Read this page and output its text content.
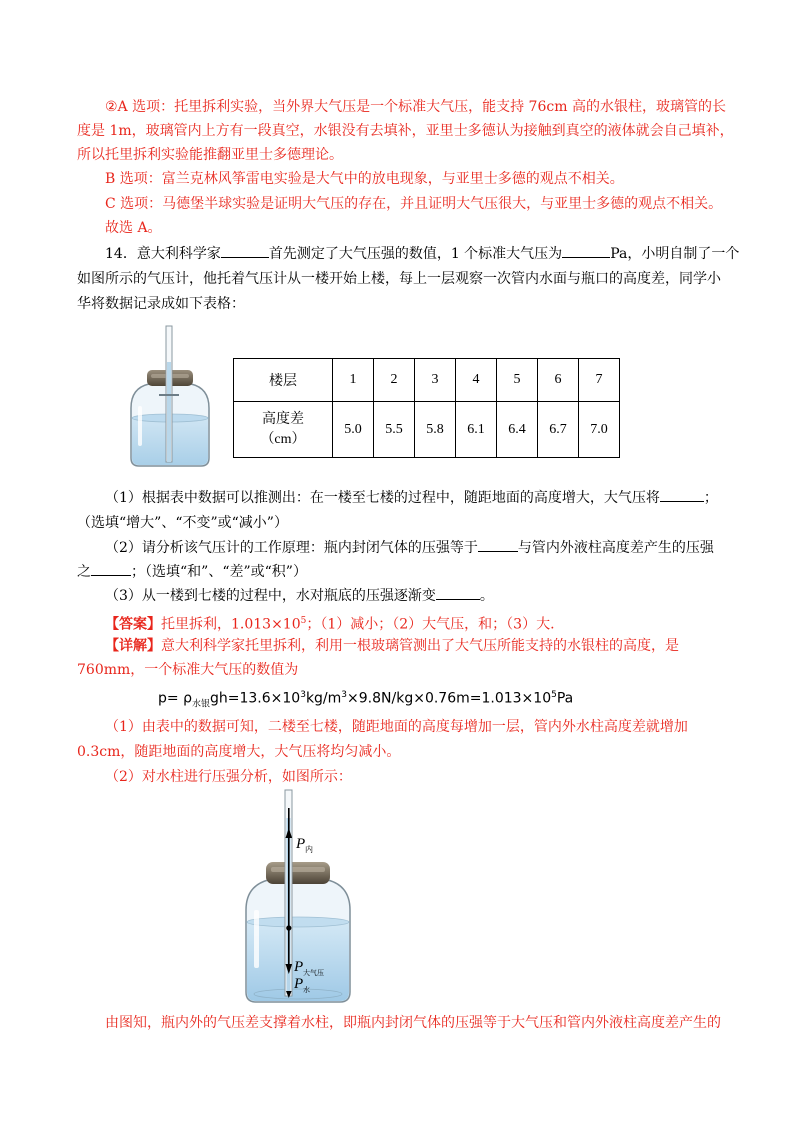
②A 选项：托里拆利实验，当外界大气压是一个标准大气压，能支持 76cm 高的水银柱，玻璃管的长
度是 1m，玻璃管内上方有一段真空，水银没有去填补，亚里士多德认为接触到真空的液体就会自己填补，
所以托里拆利实验能推翻亚里士多德理论。
B 选项：富兰克林风筝雷电实验是大气中的放电现象，与亚里士多德的观点不相关。
C 选项：马德堡半球实验是证明大气压的存在，并且证明大气压很大，与亚里士多德的观点不相关。
故选 A。
14．意大利科学家	首先测定了大气压强的数值，1 个标准大气压为	Pa，小明自制了一个
如图所示的气压计，他托着气压计从一楼开始上楼，每上一层观察一次管内水面与瓶口的高度差，同学小
华将数据记录成如下表格：
楼层	1	2	3	4	5	6	7

高度差
（cm）	5.0	5.5	5.8	6.1	6.4	6.7	7.0
（1）根据表中数据可以推测出：在一楼至七楼的过程中，随距地面的高度增大，大气压将	；
（选填“增大”、“不变”或“减小”）
（2）请分析该气压计的工作原理：瓶内封闭气体的压强等于	与管内外液柱高度差产生的压强
之	；（选填“和”、“差”或“积”）
（3）从一楼到七楼的过程中，水对瓶底的压强逐渐变	。
【答案】托里拆利，$1.013\times 10^5$；（1）减小；（2）大气压，和；（3）大.
【详解】意大利科学家托里拆利，利用一根玻璃管测出了大气压所能支持的水银柱的高度，是
760mm，一个标准大气压的数值为
$p= \rho_{水银}gh=13.6\times 10^3kg/m^3\times 9.8N/kg\times 0.76m=1.013\times 10^5Pa$
（1）由表中的数据可知，二楼至七楼，随距地面的高度每增加一层，管内外水柱高度差就增加
0.3cm，随距地面的高度增大，大气压将均匀减小。
（2）对水柱进行压强分析，如图所示：
P 内
P 大气压
P 水
由图知，瓶内外的气压差支撑着水柱，即瓶内封闭气体的压强等于大气压和管内外液柱高度差产生的
